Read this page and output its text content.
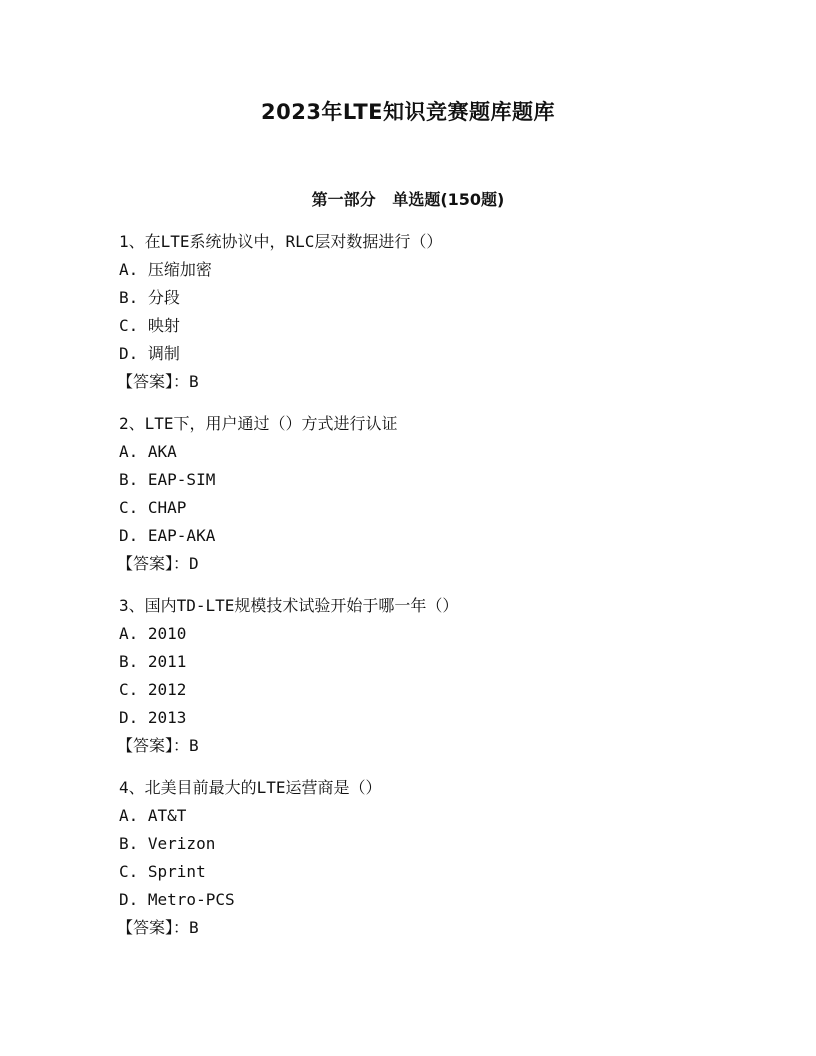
2023年LTE知识竞赛题库题库
第一部分   单选题(150题)
1、在LTE系统协议中，RLC层对数据进行（）
A. 压缩加密
B. 分段
C. 映射
D. 调制
【答案】：B
2、LTE下，用户通过（）方式进行认证
A. AKA
B. EAP-SIM
C. CHAP
D. EAP-AKA
【答案】：D
3、国内TD-LTE规模技术试验开始于哪一年（）
A. 2010
B. 2011
C. 2012
D. 2013
【答案】：B
4、北美目前最大的LTE运营商是（）
A. AT&T
B. Verizon
C. Sprint
D. Metro-PCS
【答案】：B
